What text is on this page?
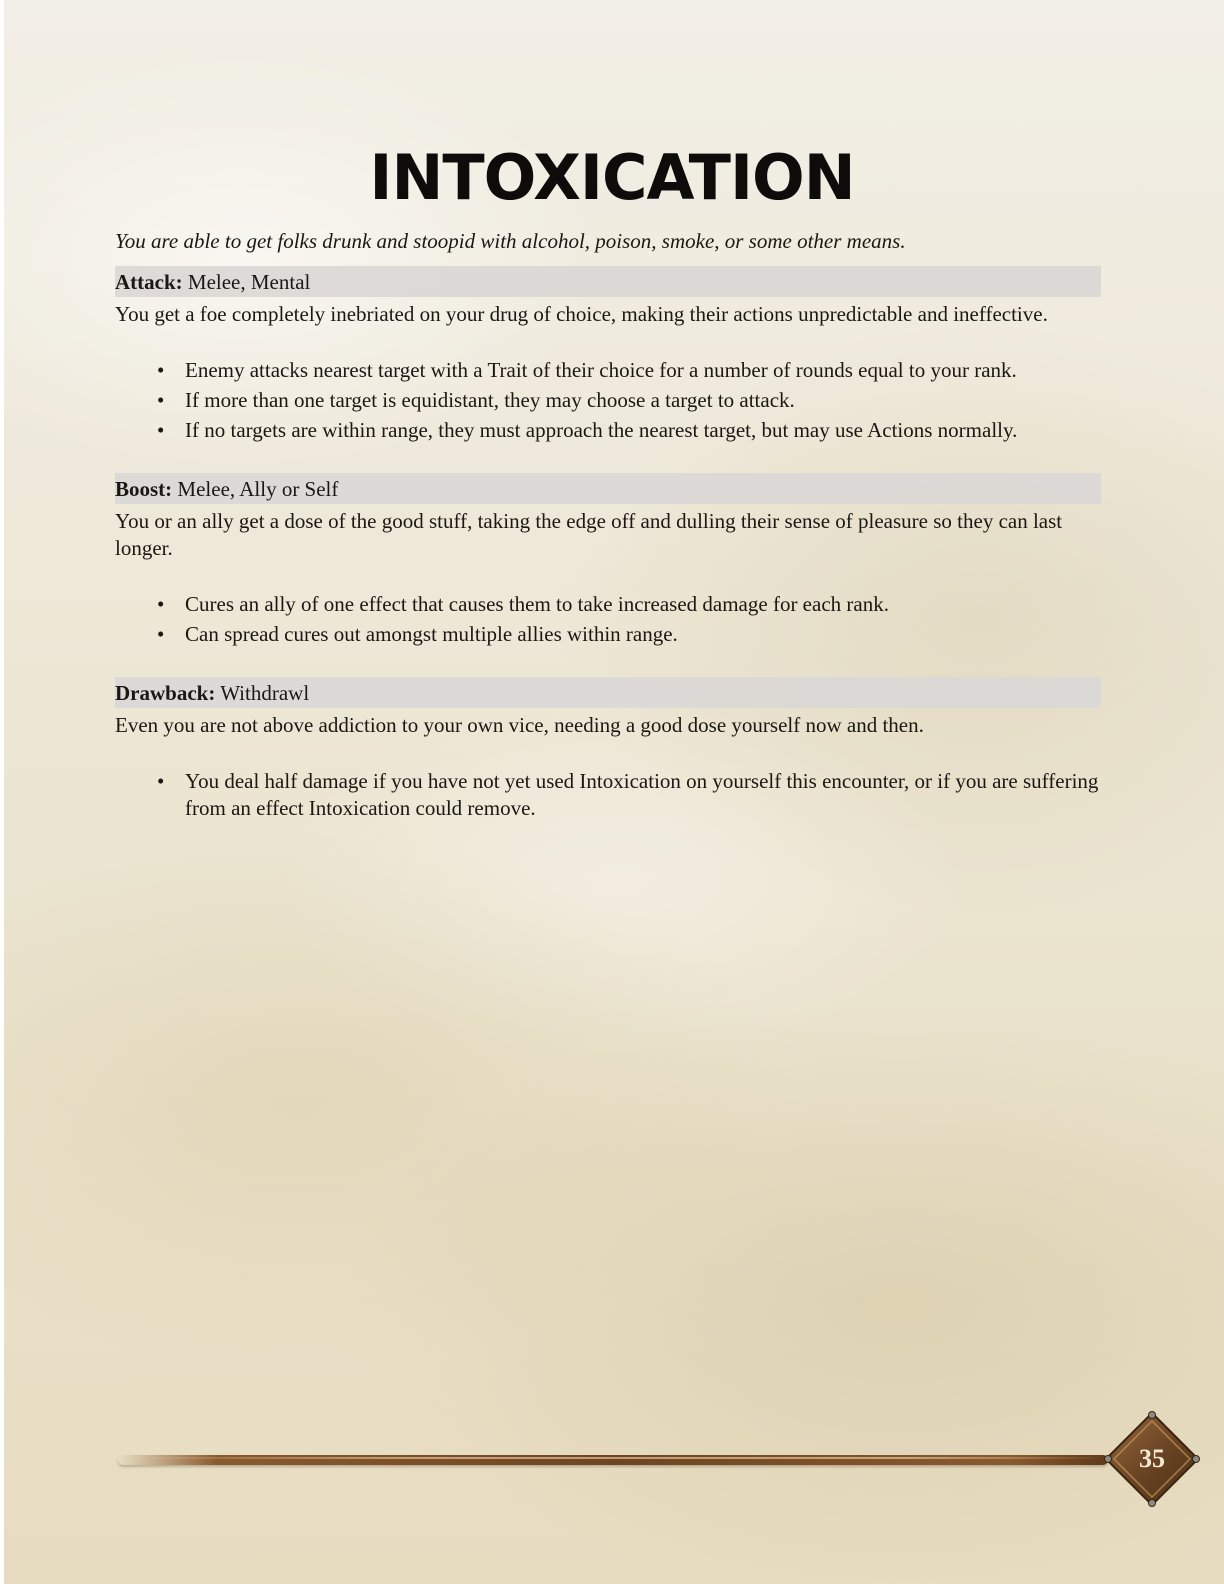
INTOXICATION

You are able to get folks drunk and stoopid with alcohol, poison, smoke, or some other means.

Attack: Melee, Mental

You get a foe completely inebriated on your drug of choice, making their actions unpredictable and ineffective.

• Enemy attacks nearest target with a Trait of their choice for a number of rounds equal to your rank.
• If more than one target is equidistant, they may choose a target to attack.
• If no targets are within range, they must approach the nearest target, but may use Actions normally.
Boost: Melee, Ally or Self

You or an ally get a dose of the good stuff, taking the edge off and dulling their sense of pleasure so they can last longer.

• Cures an ally of one effect that causes them to take increased damage for each rank.
• Can spread cures out amongst multiple allies within range.
Drawback: Withdrawl

Even you are not above addiction to your own vice, needing a good dose yourself now and then.

• You deal half damage if you have not yet used Intoxication on yourself this encounter, or if you are suffering from an effect Intoxication could remove.
35
